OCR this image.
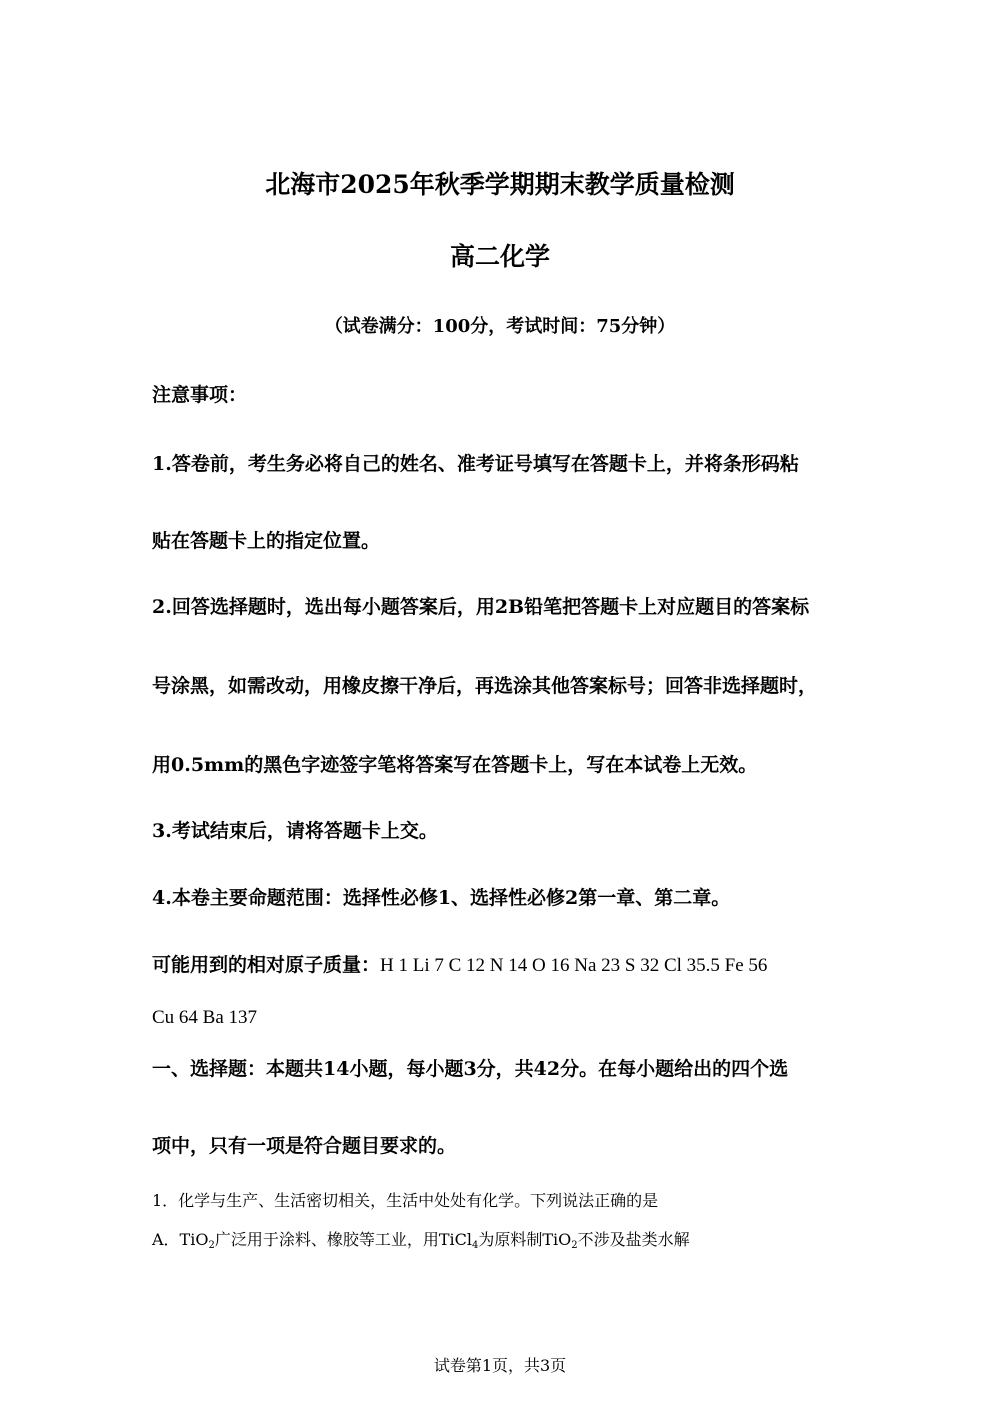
北海市2025年秋季学期期末教学质量检测
高二化学
（试卷满分：100分，考试时间：75分钟）
注意事项：
1.答卷前，考生务必将自己的姓名、准考证号填写在答题卡上，并将条形码粘
贴在答题卡上的指定位置。
2.回答选择题时，选出每小题答案后，用2B铅笔把答题卡上对应题目的答案标
号涂黑，如需改动，用橡皮擦干净后，再选涂其他答案标号；回答非选择题时，
用0.5mm的黑色字迹签字笔将答案写在答题卡上，写在本试卷上无效。
3.考试结束后，请将答题卡上交。
4.本卷主要命题范围：选择性必修1、选择性必修2第一章、第二章。
可能用到的相对原子质量：H 1 Li 7 C 12 N 14 O 16 Na 23 S 32 Cl 35.5 Fe 56
Cu 64 Ba 137
一、选择题：本题共14小题，每小题3分，共42分。在每小题给出的四个选
项中，只有一项是符合题目要求的。
1．化学与生产、生活密切相关，生活中处处有化学。下列说法正确的是
A．TiO$_2$广泛用于涂料、橡胶等工业，用TiCl$_4$为原料制TiO$_2$不涉及盐类水解
试卷第1页，共3页
